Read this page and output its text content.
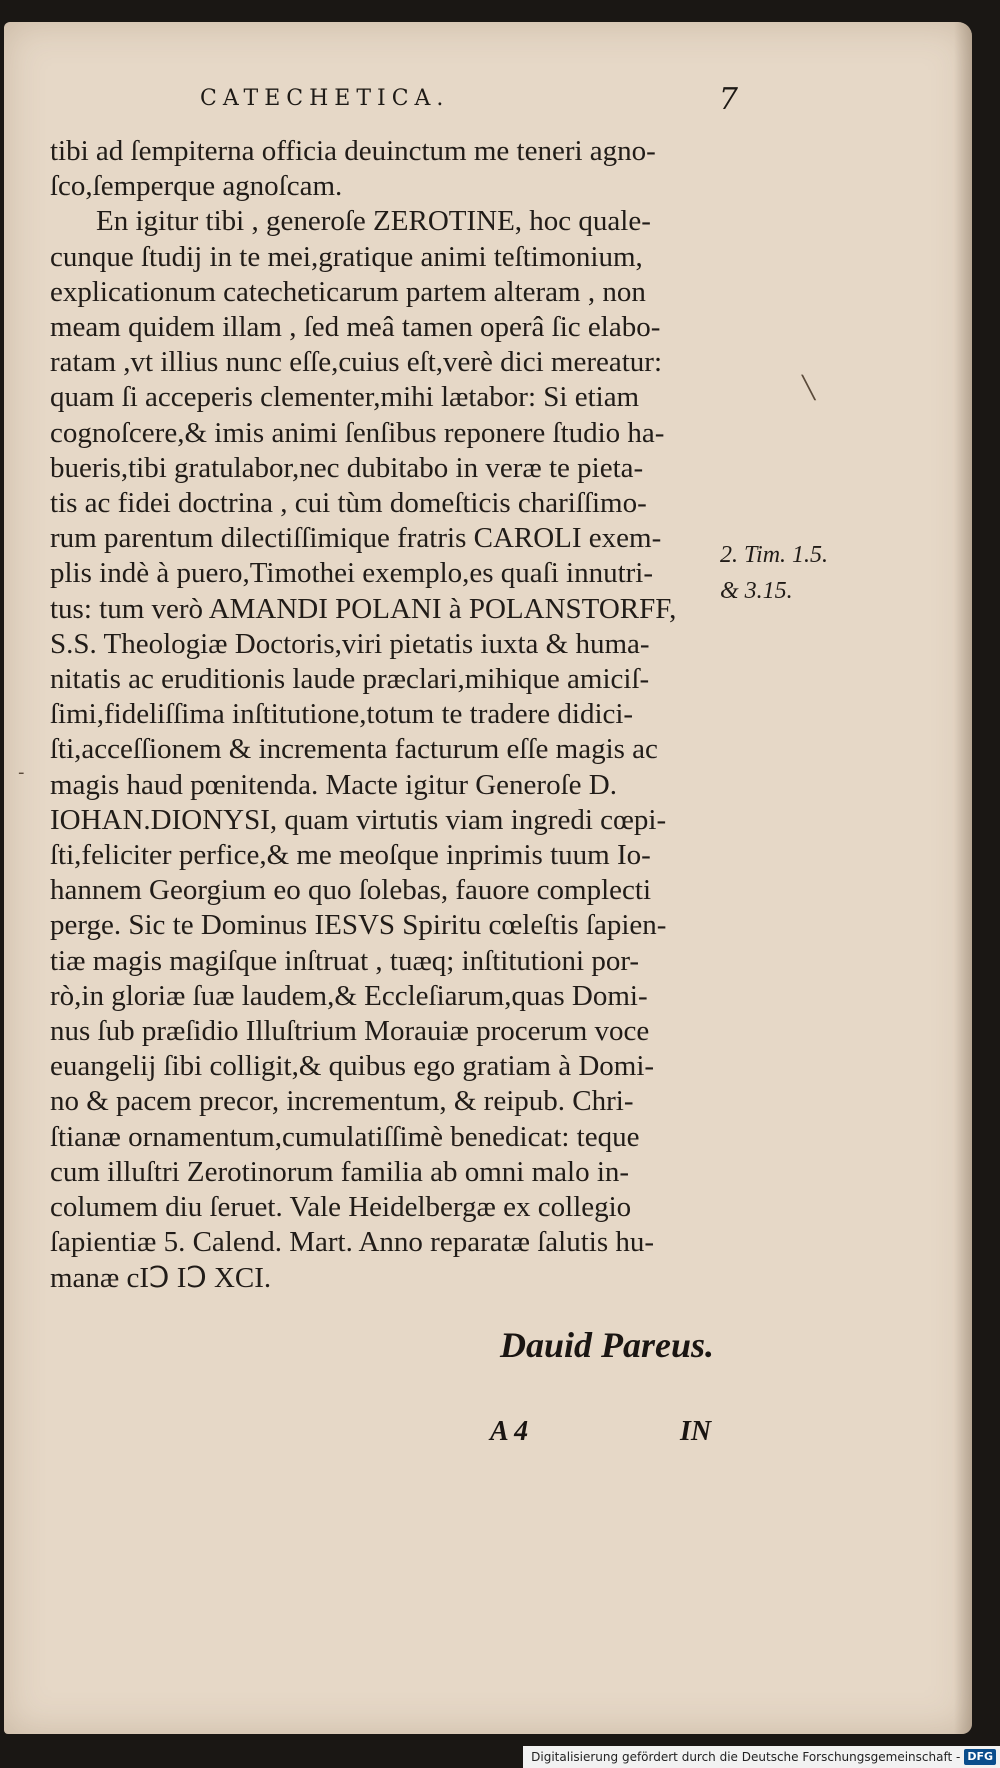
CATECHETICA.	7
tibi ad ſempiterna officia deuinctum me teneri agno-
ſco,ſemperque agnoſcam.
En igitur tibi , generoſe ZEROTINE, hoc quale-
cunque ſtudij in te mei,gratique animi teſtimonium,
explicationum catecheticarum partem alteram , non
meam quidem illam , ſed meâ tamen operâ ſic elabo-
ratam ,vt illius nunc eſſe,cuius eſt,verè dici mereatur:
quam ſi acceperis clementer,mihi lætabor: Si etiam
cognoſcere,& imis animi ſenſibus reponere ſtudio ha-
bueris,tibi gratulabor,nec dubitabo in veræ te pieta-
tis ac fidei doctrina , cui tùm domeſticis chariſſimo-
rum parentum dilectiſſimique fratris CAROLI exem-
plis indè à puero,Timothei exemplo,es quaſi innutri-
tus: tum verò AMANDI POLANI à POLANSTORFF,
S.S. Theologiæ Doctoris,viri pietatis iuxta & huma-
nitatis ac eruditionis laude præclari,mihique amiciſ-
ſimi,fideliſſima inſtitutione,totum te tradere didici-
ſti,acceſſionem & incrementa facturum eſſe magis ac
magis haud pœnitenda. Macte igitur Generoſe D.
IOHAN.DIONYSI, quam virtutis viam ingredi cœpi-
ſti,feliciter perfice,& me meoſque inprimis tuum Io-
hannem Georgium eo quo ſolebas, fauore complecti
perge. Sic te Dominus IESVS Spiritu cœleſtis ſapien-
tiæ magis magiſque inſtruat , tuæq; inſtitutioni por-
rò,in gloriæ ſuæ laudem,& Eccleſiarum,quas Domi-
nus ſub præſidio Illuſtrium Morauiæ procerum voce
euangelij ſibi colligit,& quibus ego gratiam à Domi-
no & pacem precor, incrementum, & reipub. Chri-
ſtianæ ornamentum,cumulatiſſimè benedicat: teque
cum illuſtri Zerotinorum familia ab omni malo in-
columem diu ſeruet. Vale Heidelbergæ ex collegio
ſapientiæ 5. Calend. Mart. Anno reparatæ ſalutis hu-
manæ cIↃ IↃ XCI.
2. Tim. 1.5.
& 3.15.
╲
-
Dauid Pareus.
A 4	IN
Digitalisierung gefördert durch die Deutsche Forschungsgemeinschaft - DFG
